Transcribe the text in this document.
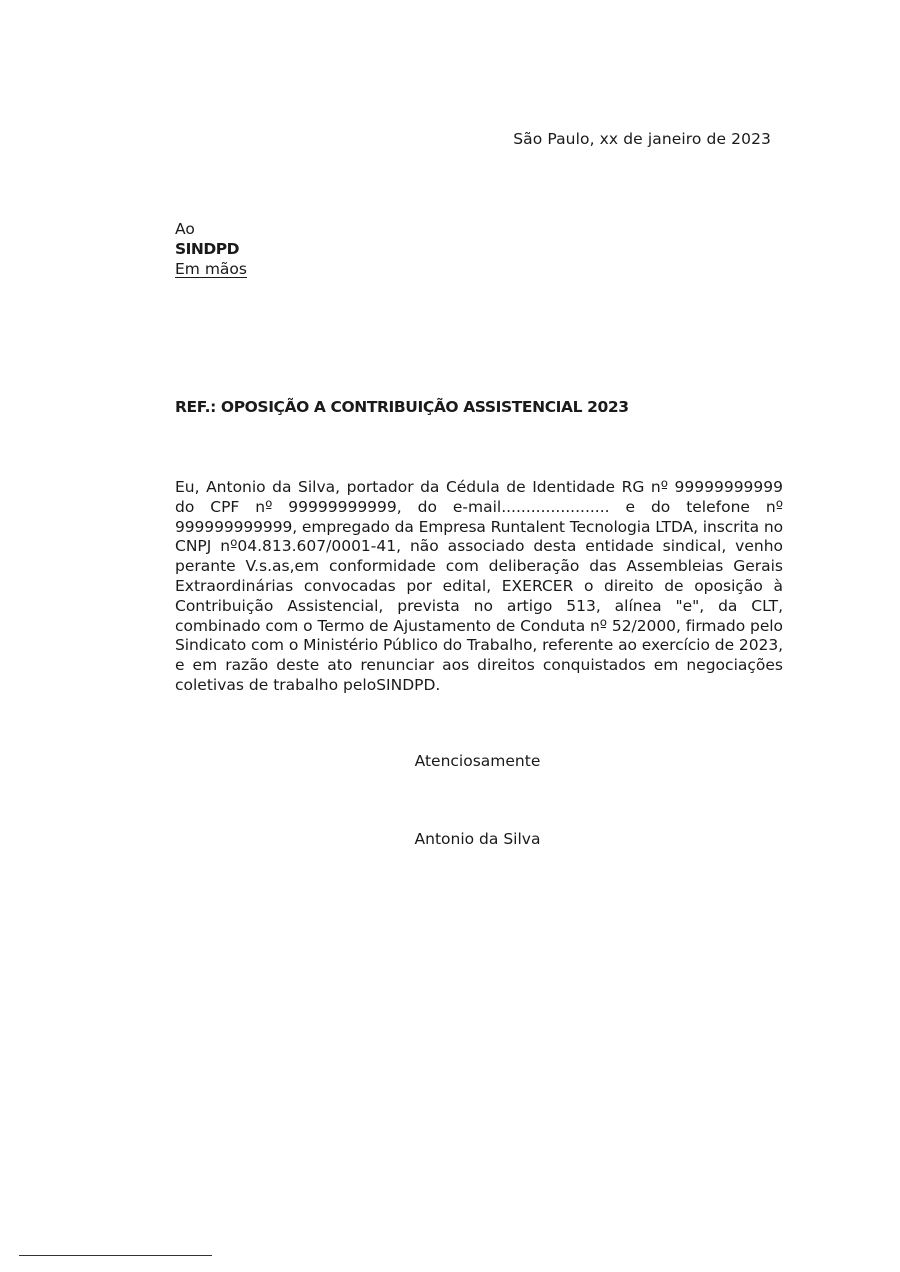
São Paulo, xx de janeiro de 2023
Ao
SINDPD
Em mãos
REF.: OPOSIÇÃO A CONTRIBUIÇÃO ASSISTENCIAL 2023
Eu, Antonio da Silva, portador da Cédula de Identidade RG nº 99999999999
do CPF nº 99999999999, do e-mail...................... e do telefone nº
999999999999, empregado da Empresa Runtalent Tecnologia LTDA, inscrita no
CNPJ nº04.813.607/0001-41, não associado desta entidade sindical, venho
perante V.s.as,em conformidade com deliberação das Assembleias Gerais
Extraordinárias convocadas por edital, EXERCER o direito de oposição à
Contribuição Assistencial, prevista no artigo 513, alínea "e", da CLT,
combinado com o Termo de Ajustamento de Conduta nº 52/2000, firmado pelo
Sindicato com o Ministério Público do Trabalho, referente ao exercício de 2023,
e em razão deste ato renunciar aos direitos conquistados em negociações
coletivas de trabalho peloSINDPD.
Atenciosamente
Antonio da Silva
